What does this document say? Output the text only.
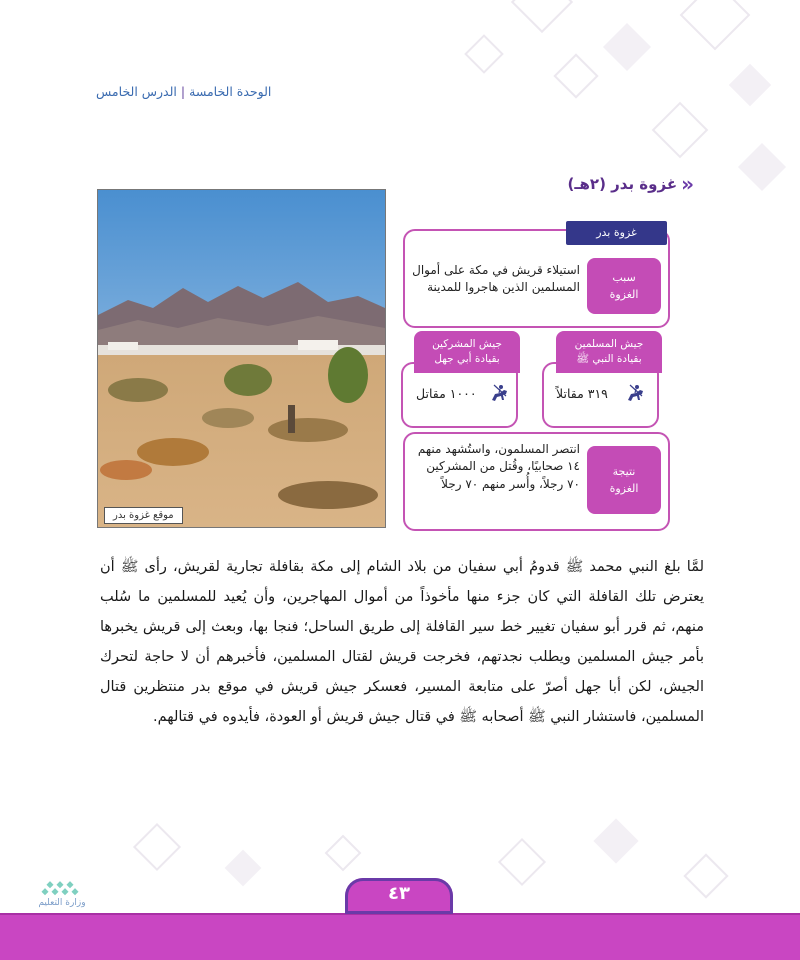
الوحدة الخامسة|الدرس الخامس
«
غزوة بدر (٢هـ)
موقع غزوة بدر
غزوة بدر
سبب
الغزوة
استيلاء قريش في مكة على أموال المسلمين الذين هاجروا للمدينة
جيش المسلمين
بقيادة النبي ﷺ
جيش المشركين
بقيادة أبي جهل
٣١٩ مقاتلاً
١٠٠٠ مقاتل
نتيجة
الغزوة
انتصر المسلمون، واستُشهد منهم ١٤ صحابيًا، وقُتل من المشركين ٧٠ رجلاً، وأُسر منهم ٧٠ رجلاً
لمَّا بلغ النبي محمد ﷺ قدومُ أبي سفيان من بلاد الشام إلى مكة بقافلة تجارية لقريش، رأى ﷺ أن يعترض تلك القافلة التي كان جزء منها مأخوذاً من أموال المهاجرين، وأن يُعيد للمسلمين ما سُلب منهم، ثم قرر أبو سفيان تغيير خط سير القافلة إلى طريق الساحل؛ فنجا بها، وبعث إلى قريش يخبرها بأمر جيش المسلمين ويطلب نجدتهم، فخرجت قريش لقتال المسلمين، فأخبرهم أن لا حاجة لتحرك الجيش، لكن أبا جهل أصرّ على متابعة المسير، فعسكر جيش قريش في موقع بدر منتظرين قتال المسلمين، فاستشار النبي ﷺ أصحابه ﷺ في قتال جيش قريش أو العودة، فأيدوه في قتالهم.
وزارة التعليم	٤٣
